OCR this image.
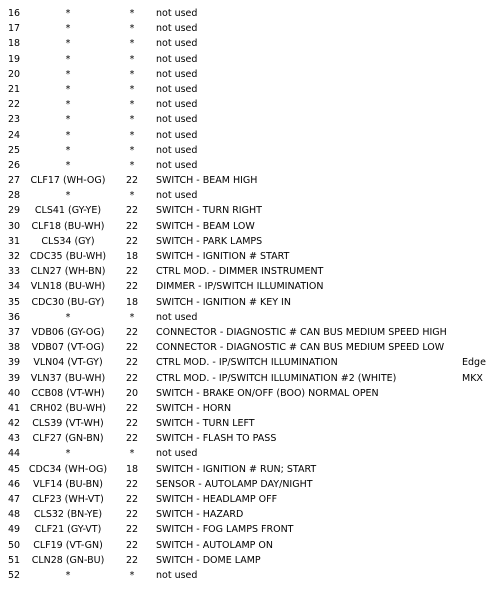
16	*	*	not used
17	*	*	not used
18	*	*	not used
19	*	*	not used
20	*	*	not used
21	*	*	not used
22	*	*	not used
23	*	*	not used
24	*	*	not used
25	*	*	not used
26	*	*	not used
27	CLF17 (WH-OG)	22	SWITCH - BEAM HIGH
28	*	*	not used
29	CLS41 (GY-YE)	22	SWITCH - TURN RIGHT
30	CLF18 (BU-WH)	22	SWITCH - BEAM LOW
31	CLS34 (GY)	22	SWITCH - PARK LAMPS
32	CDC35 (BU-WH)	18	SWITCH - IGNITION # START
33	CLN27 (WH-BN)	22	CTRL MOD. - DIMMER INSTRUMENT
34	VLN18 (BU-WH)	22	DIMMER - IP/SWITCH ILLUMINATION
35	CDC30 (BU-GY)	18	SWITCH - IGNITION # KEY IN
36	*	*	not used
37	VDB06 (GY-OG)	22	CONNECTOR - DIAGNOSTIC # CAN BUS MEDIUM SPEED HIGH
38	VDB07 (VT-OG)	22	CONNECTOR - DIAGNOSTIC # CAN BUS MEDIUM SPEED LOW
39	VLN04 (VT-GY)	22	CTRL MOD. - IP/SWITCH ILLUMINATION	Edge
39	VLN37 (BU-WH)	22	CTRL MOD. - IP/SWITCH ILLUMINATION #2 (WHITE)	MKX
40	CCB08 (VT-WH)	20	SWITCH - BRAKE ON/OFF (BOO) NORMAL OPEN
41	CRH02 (BU-WH)	22	SWITCH - HORN
42	CLS39 (VT-WH)	22	SWITCH - TURN LEFT
43	CLF27 (GN-BN)	22	SWITCH - FLASH TO PASS
44	*	*	not used
45 CDC34 (WH-OG)	18	SWITCH - IGNITION # RUN; START
46	VLF14 (BU-BN)	22	SENSOR - AUTOLAMP DAY/NIGHT
47	CLF23 (WH-VT)	22	SWITCH - HEADLAMP OFF
48	CLS32 (BN-YE)	22	SWITCH - HAZARD
49	CLF21 (GY-VT)	22	SWITCH - FOG LAMPS FRONT
50	CLF19 (VT-GN)	22	SWITCH - AUTOLAMP ON
51	CLN28 (GN-BU)	22	SWITCH - DOME LAMP
52	*	*	not used
